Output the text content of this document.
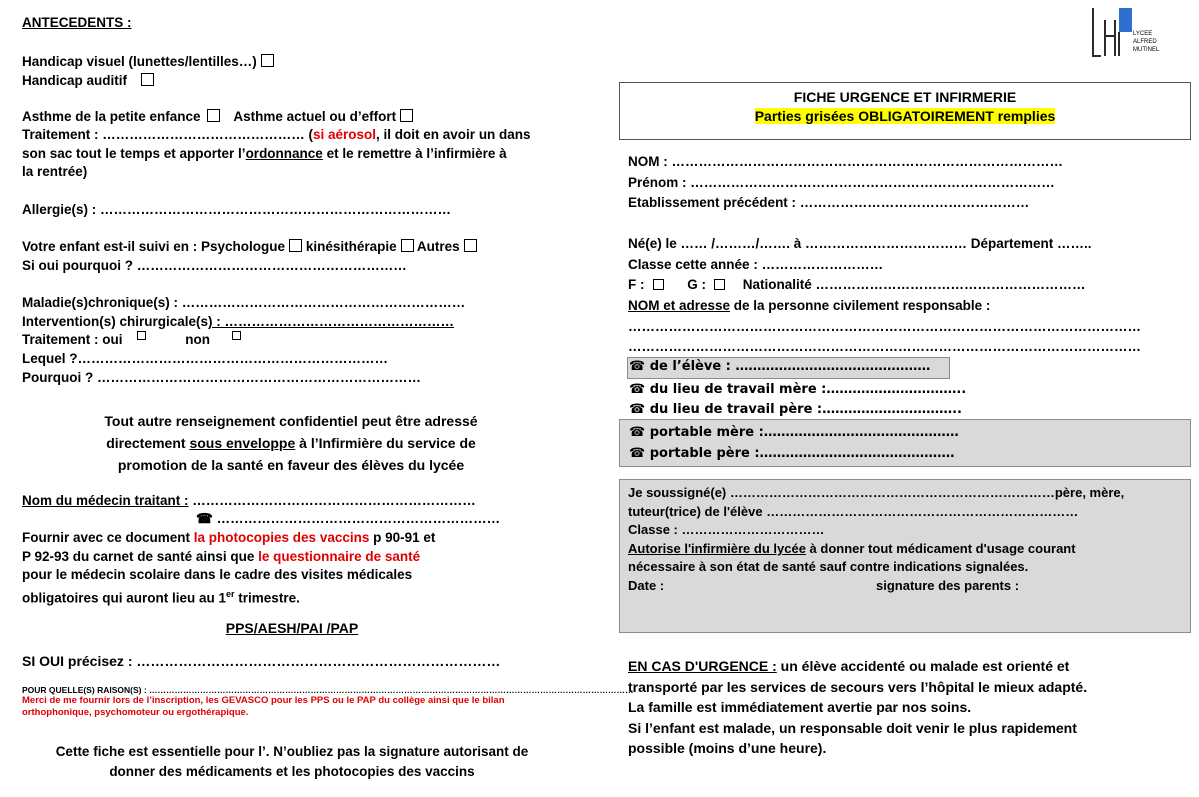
ANTECEDENTS :
Handicap visuel (lunettes/lentilles…)
Handicap auditif
Asthme de la petite enfance Asthme actuel ou d’effort
Traitement : ……………………………………… (si aérosol, il doit en avoir un dans
son sac tout le temps et apporter l’ordonnance et le remettre à l’infirmière à
la rentrée)
Allergie(s) : ……………………………………………………………………
Votre enfant est-il suivi en : Psychologue kinésithérapie Autres
Si oui pourquoi ? ……………………………………………………
Maladie(s)chronique(s) : ………………………………………………………
Intervention(s) chirurgicale(s) : ……………………………………………
Traitement : oui	non
Lequel ?……………………………………………………………
Pourquoi ? ………………………………………………………………
Tout autre renseignement confidentiel peut être adressé
directement sous enveloppe à l’Infirmière du service de
promotion de la santé en faveur des élèves du lycée
Nom du médecin traitant : ………………………………………………………
☎ ………………………………………………………
Fournir avec ce document la photocopies des vaccins p 90-91 et
P 92-93 du carnet de santé ainsi que le questionnaire de santé
pour le médecin scolaire dans le cadre des visites médicales
obligatoires qui auront lieu au 1er trimestre.
PPS/AESH/PAI /PAP
SI OUI précisez : ……………………………………………………………………
POUR QUELLE(S) RAISON(S) : ………………………………………………………………………………………………………………………………………………………
Merci de me fournir lors de l’inscription, les GEVASCO pour les PPS ou le PAP du collège ainsi que le bilan
orthophonique, psychomoteur ou ergothérapique.
Cette fiche est essentielle pour l’. N’oubliez pas la signature autorisant de
donner des médicaments et les photocopies des vaccins
LYCEE
ALFRED
MUTINEL
FICHE URGENCE ET INFIRMERIE
Parties grisées OBLIGATOIREMENT remplies
NOM : ……………………………………………………………………………
Prénom : ………………………………………………………………………
Etablissement précédent : ……………………………………………
Né(e) le …… /………/……. à ……………………………… Département ……..
Classe cette année : ………………………
F :	G :	Nationalité ……………………………………………………
NOM et adresse de la personne civilement responsable :
……………………………………………………………………………………………………
……………………………………………………………………………………………………
☎ de l’élève : ………………………………………
☎ du lieu de travail mère :…………………………..
☎ du lieu de travail père :…………………………..
☎ portable mère :………………………………………
☎ portable père :………………………………………
Je soussigné(e) …………………………………………………………………père, mère,
tuteur(trice) de l'élève ………………………………………………………………
Classe : ……………………………
Autorise l'infirmière du lycée à donner tout médicament d'usage courant
nécessaire à son état de santé sauf contre indications signalées.
Date :	signature des parents :
EN CAS D'URGENCE : un élève accidenté ou malade est orienté et
transporté par les services de secours vers l’hôpital le mieux adapté.
La famille est immédiatement avertie par nos soins.
Si l’enfant est malade, un responsable doit venir le plus rapidement
possible (moins d’une heure).
